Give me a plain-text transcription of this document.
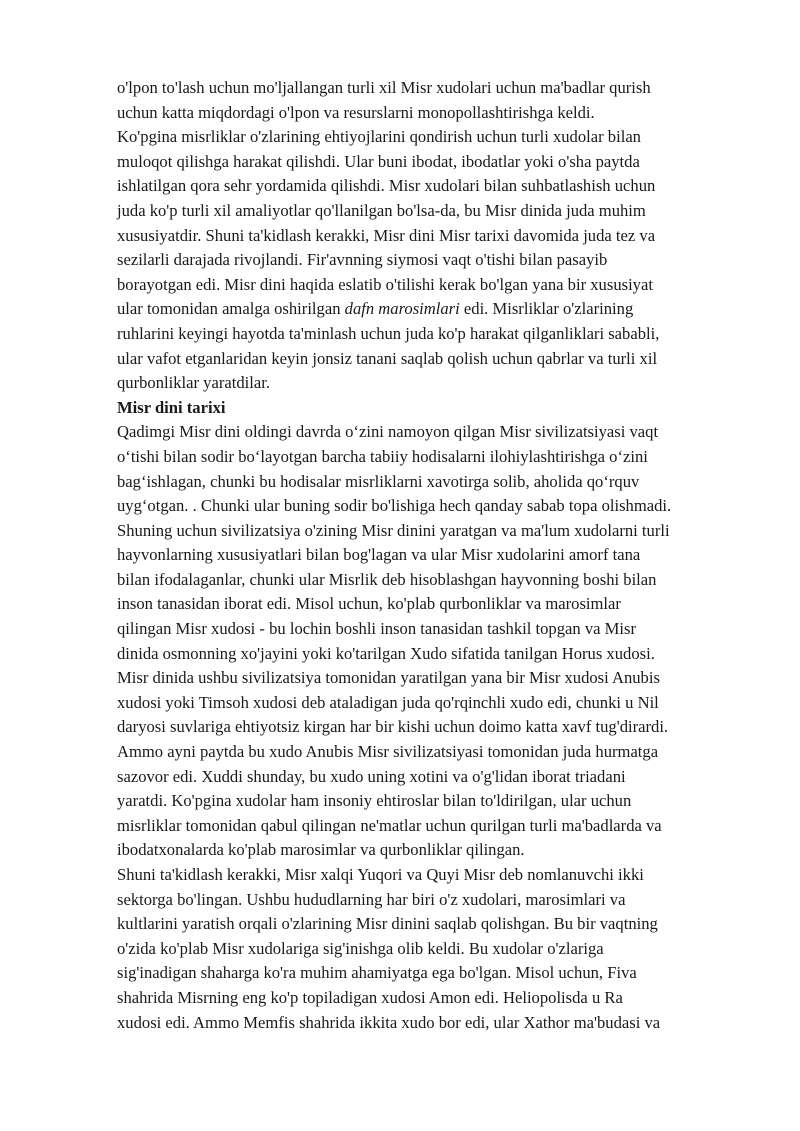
o'lpon to'lash uchun mo'ljallangan turli xil Misr xudolari uchun ma'badlar qurish
uchun katta miqdordagi o'lpon va resurslarni monopollashtirishga keldi.

Ko'pgina misrliklar o'zlarining ehtiyojlarini qondirish uchun turli xudolar bilan
muloqot qilishga harakat qilishdi. Ular buni ibodat, ibodatlar yoki o'sha paytda
ishlatilgan qora sehr yordamida qilishdi. Misr xudolari bilan suhbatlashish uchun
juda ko'p turli xil amaliyotlar qo'llanilgan bo'lsa-da, bu Misr dinida juda muhim
xususiyatdir. Shuni ta'kidlash kerakki, Misr dini Misr tarixi davomida juda tez va
sezilarli darajada rivojlandi. Fir'avnning siymosi vaqt o'tishi bilan pasayib
borayotgan edi. Misr dini haqida eslatib o'tilishi kerak bo'lgan yana bir xususiyat
ular tomonidan amalga oshirilgan dafn marosimlari edi. Misrliklar o'zlarining
ruhlarini keyingi hayotda ta'minlash uchun juda ko'p harakat qilganliklari sababli,
ular vafot etganlaridan keyin jonsiz tanani saqlab qolish uchun qabrlar va turli xil
qurbonliklar yaratdilar.

Misr dini tarixi

Qadimgi Misr dini oldingi davrda o‘zini namoyon qilgan Misr sivilizatsiyasi vaqt
o‘tishi bilan sodir bo‘layotgan barcha tabiiy hodisalarni ilohiylashtirishga o‘zini
bag‘ishlagan, chunki bu hodisalar misrliklarni xavotirga solib, aholida qo‘rquv
uyg‘otgan. . Chunki ular buning sodir bo'lishiga hech qanday sabab topa olishmadi.
Shuning uchun sivilizatsiya o'zining Misr dinini yaratgan va ma'lum xudolarni turli
hayvonlarning xususiyatlari bilan bog'lagan va ular Misr xudolarini amorf tana
bilan ifodalaganlar, chunki ular Misrlik deb hisoblashgan hayvonning boshi bilan
inson tanasidan iborat edi. Misol uchun, ko'plab qurbonliklar va marosimlar
qilingan Misr xudosi - bu lochin boshli inson tanasidan tashkil topgan va Misr
dinida osmonning xo'jayini yoki ko'tarilgan Xudo sifatida tanilgan Horus xudosi.
Misr dinida ushbu sivilizatsiya tomonidan yaratilgan yana bir Misr xudosi Anubis
xudosi yoki Timsoh xudosi deb ataladigan juda qo'rqinchli xudo edi, chunki u Nil
daryosi suvlariga ehtiyotsiz kirgan har bir kishi uchun doimo katta xavf tug'dirardi.
Ammo ayni paytda bu xudo Anubis Misr sivilizatsiyasi tomonidan juda hurmatga
sazovor edi. Xuddi shunday, bu xudo uning xotini va o'g'lidan iborat triadani
yaratdi. Ko'pgina xudolar ham insoniy ehtiroslar bilan to'ldirilgan, ular uchun
misrliklar tomonidan qabul qilingan ne'matlar uchun qurilgan turli ma'badlarda va
ibodatxonalarda ko'plab marosimlar va qurbonliklar qilingan.

Shuni ta'kidlash kerakki, Misr xalqi Yuqori va Quyi Misr deb nomlanuvchi ikki
sektorga bo'lingan. Ushbu hududlarning har biri o'z xudolari, marosimlari va
kultlarini yaratish orqali o'zlarining Misr dinini saqlab qolishgan. Bu bir vaqtning
o'zida ko'plab Misr xudolariga sig'inishga olib keldi. Bu xudolar o'zlariga
sig'inadigan shaharga ko'ra muhim ahamiyatga ega bo'lgan. Misol uchun, Fiva
shahrida Misrning eng ko'p topiladigan xudosi Amon edi. Heliopolisda u Ra
xudosi edi. Ammo Memfis shahrida ikkita xudo bor edi, ular Xathor ma'budasi va
